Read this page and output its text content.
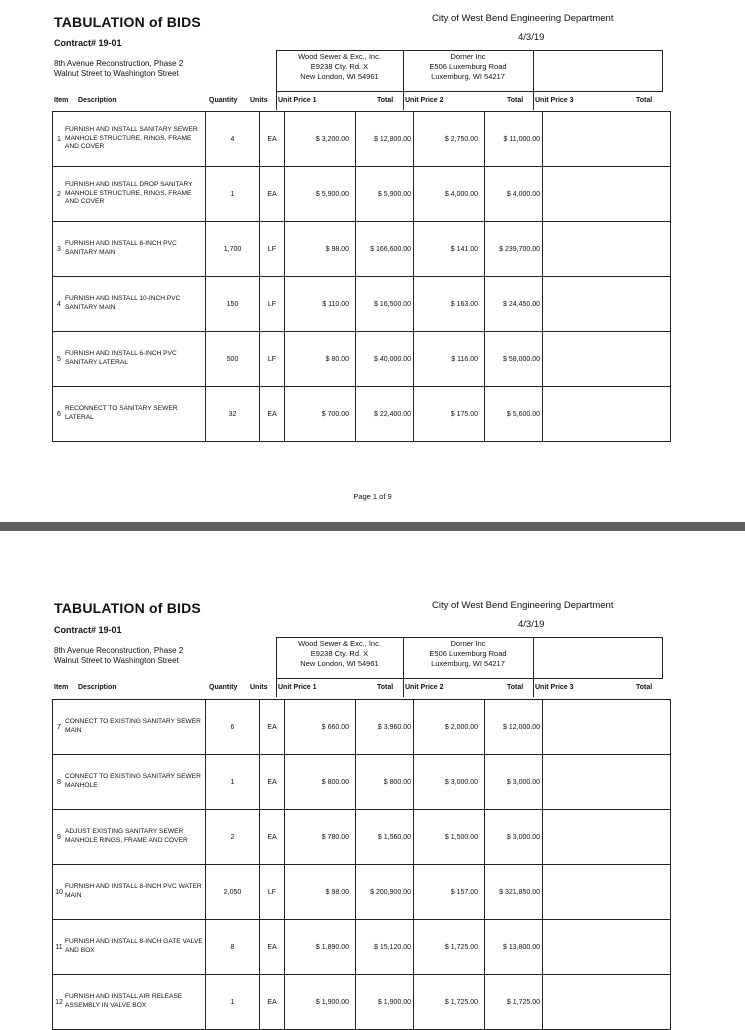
TABULATION of BIDS
Contract# 19-01
City of West Bend Engineering Department
4/3/19
8th Avenue Reconstruction, Phase 2
Walnut Street to Washington Street
Wood Sewer & Exc., Inc.
E9238 Cty. Rd. X
New London, WI 54961
Dorner Inc
E506 Luxemburg Road
Luxemburg, WI 54217
Item Description	Quantity Units Unit Price 1	Total Unit Price 2	Total Unit Price 3	Total
1
FURNISH AND INSTALL SANITARY SEWER MANHOLE STRUCTURE, RINGS, FRAME AND COVER	4	EA	$ 3,200.00	$ 12,800.00	$ 2,750.00	$ 11,000.00	

2
FURNISH AND INSTALL DROP SANITARY MANHOLE STRUCTURE, RINGS, FRAME AND COVER	1	EA	$ 5,900.00	$ 5,900.00	$ 4,000.00	$ 4,000.00	

3
FURNISH AND INSTALL 8-INCH PVC SANITARY MAIN	1,700	LF	$ 98.00	$ 166,600.00	$ 141.00	$ 239,700.00	

4
FURNISH AND INSTALL 10-INCH PVC SANITARY MAIN	150	LF	$ 110.00	$ 16,500.00	$ 163.00	$ 24,450.00	

5
FURNISH AND INSTALL 6-INCH PVC SANITARY LATERAL	500	LF	$ 80.00	$ 40,000.00	$ 116.00	$ 58,000.00	

6
RECONNECT TO SANITARY SEWER LATERAL	32	EA	$ 700.00	$ 22,400.00	$ 175.00	$ 5,600.00	
Page 1 of 9
TABULATION of BIDS
Contract# 19-01
City of West Bend Engineering Department
4/3/19
8th Avenue Reconstruction, Phase 2
Walnut Street to Washington Street
Wood Sewer & Exc., Inc.
E9238 Cty. Rd. X
New London, WI 54961
Dorner Inc
E506 Luxemburg Road
Luxemburg, WI 54217
Item Description	Quantity Units Unit Price 1	Total Unit Price 2	Total Unit Price 3	Total
7
CONNECT TO EXISTING SANITARY SEWER MAIN	6	EA	$ 660.00	$ 3,960.00	$ 2,000.00	$ 12,000.00	

8
CONNECT TO EXISTING SANITARY SEWER MANHOLE	1	EA	$ 800.00	$ 800.00	$ 3,000.00	$ 3,000.00	

9
ADJUST EXISTING SANITARY SEWER MANHOLE RINGS, FRAME AND COVER	2	EA	$ 780.00	$ 1,560.00	$ 1,500.00	$ 3,000.00	

10
FURNISH AND INSTALL 8-INCH PVC WATER MAIN	2,050	LF	$ 98.00	$ 200,900.00	$ 157.00	$ 321,850.00	

11
FURNISH AND INSTALL 8-INCH GATE VALVE AND BOX	8	EA	$ 1,890.00	$ 15,120.00	$ 1,725.00	$ 13,800.00	

12
FURNISH AND INSTALL AIR RELEASE ASSEMBLY IN VALVE BOX	1	EA	$ 1,900.00	$ 1,900.00	$ 1,725.00	$ 1,725.00	
